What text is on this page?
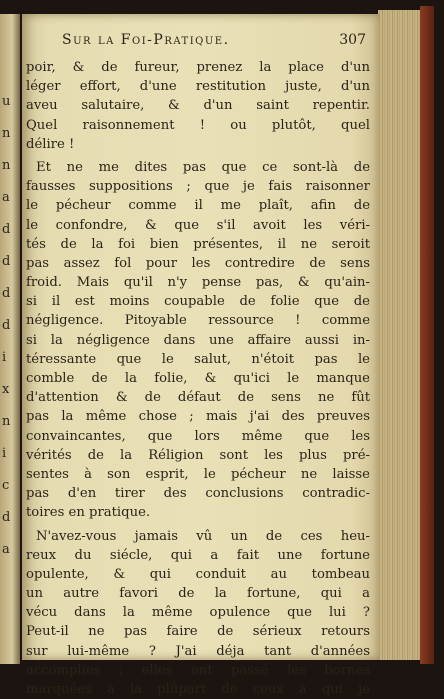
u
n
n
a
d
d
d
d
i
x
n
i
c
d
a
Sur la Foi-Pratique.	307
poir, & de fureur, prenez la place d'un
léger effort, d'une restitution juste, d'un
aveu salutaire, & d'un saint repentir.
Quel raisonnement ! ou plutôt, quel
délire !
Et ne me dites pas que ce sont-là de
fausses suppositions ; que je fais raisonner
le pécheur comme il me plaît, afin de
le confondre, & que s'il avoit les véri-
tés de la foi bien présentes, il ne seroit
pas assez fol pour les contredire de sens
froid. Mais qu'il n'y pense pas, & qu'ain-
si il est moins coupable de folie que de
négligence. Pitoyable ressource ! comme
si la négligence dans une affaire aussi in-
téressante que le salut, n'étoit pas le
comble de la folie, & qu'ici le manque
d'attention & de défaut de sens ne fût
pas la même chose ; mais j'ai des preuves
convaincantes, que lors même que les
vérités de la Réligion sont les plus pré-
sentes à son esprit, le pécheur ne laisse
pas d'en tirer des conclusions contradic-
toires en pratique.
N'avez-vous jamais vû un de ces heu-
reux du siécle, qui a fait une fortune
opulente, & qui conduit au tombeau
un autre favori de la fortune, qui a
vécu dans la même opulence que lui ?
Peut-il ne pas faire de sérieux retours
sur lui-même ? J'ai déja tant d'années
accomplies ; elles ont passé les bornes
marquées à la plûpart de ceux à qui je
